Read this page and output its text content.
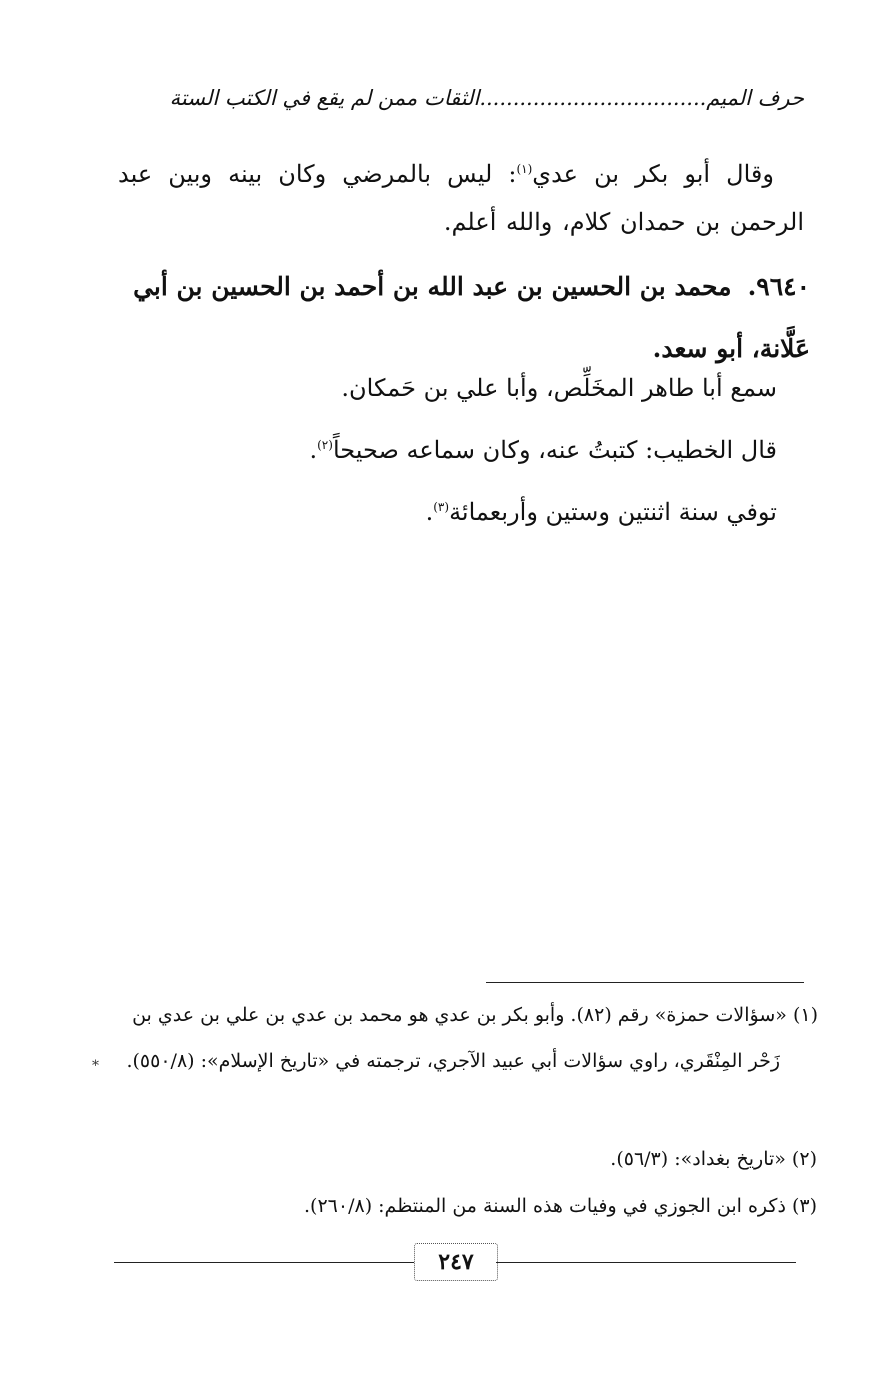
حرف الميم..................................الثقات ممن لم يقع في الكتب الستة
وقال أبو بكر بن عدي$^{(١)}$: ليس بالمرضي وكان بينه وبين عبد الرحمن بن حمدان كلام، والله أعلم.
٩٦٤٠.محمد بن الحسين بن عبد الله بن أحمد بن الحسين بن أبي عَلَّانة، أبو سعد.
سمع أبا طاهر المخَلِّص، وأبا علي بن حَمكان.
قال الخطيب: كتبتُ عنه، وكان سماعه صحيحاً$^{(٢)}$.
توفي سنة اثنتين وستين وأربعمائة$^{(٣)}$.
(١) «سؤالات حمزة» رقم (٨٢). وأبو بكر بن عدي هو محمد بن عدي بن علي بن عدي بن
زَحْر المِنْقَري، راوي سؤالات أبي عبيد الآجري، ترجمته في «تاريخ الإسلام»: (٥٥٠/٨).
*
(٢) «تاريخ بغداد»: (٥٦/٣).
(٣) ذكره ابن الجوزي في وفيات هذه السنة من المنتظم: (٢٦٠/٨).
٢٤٧
